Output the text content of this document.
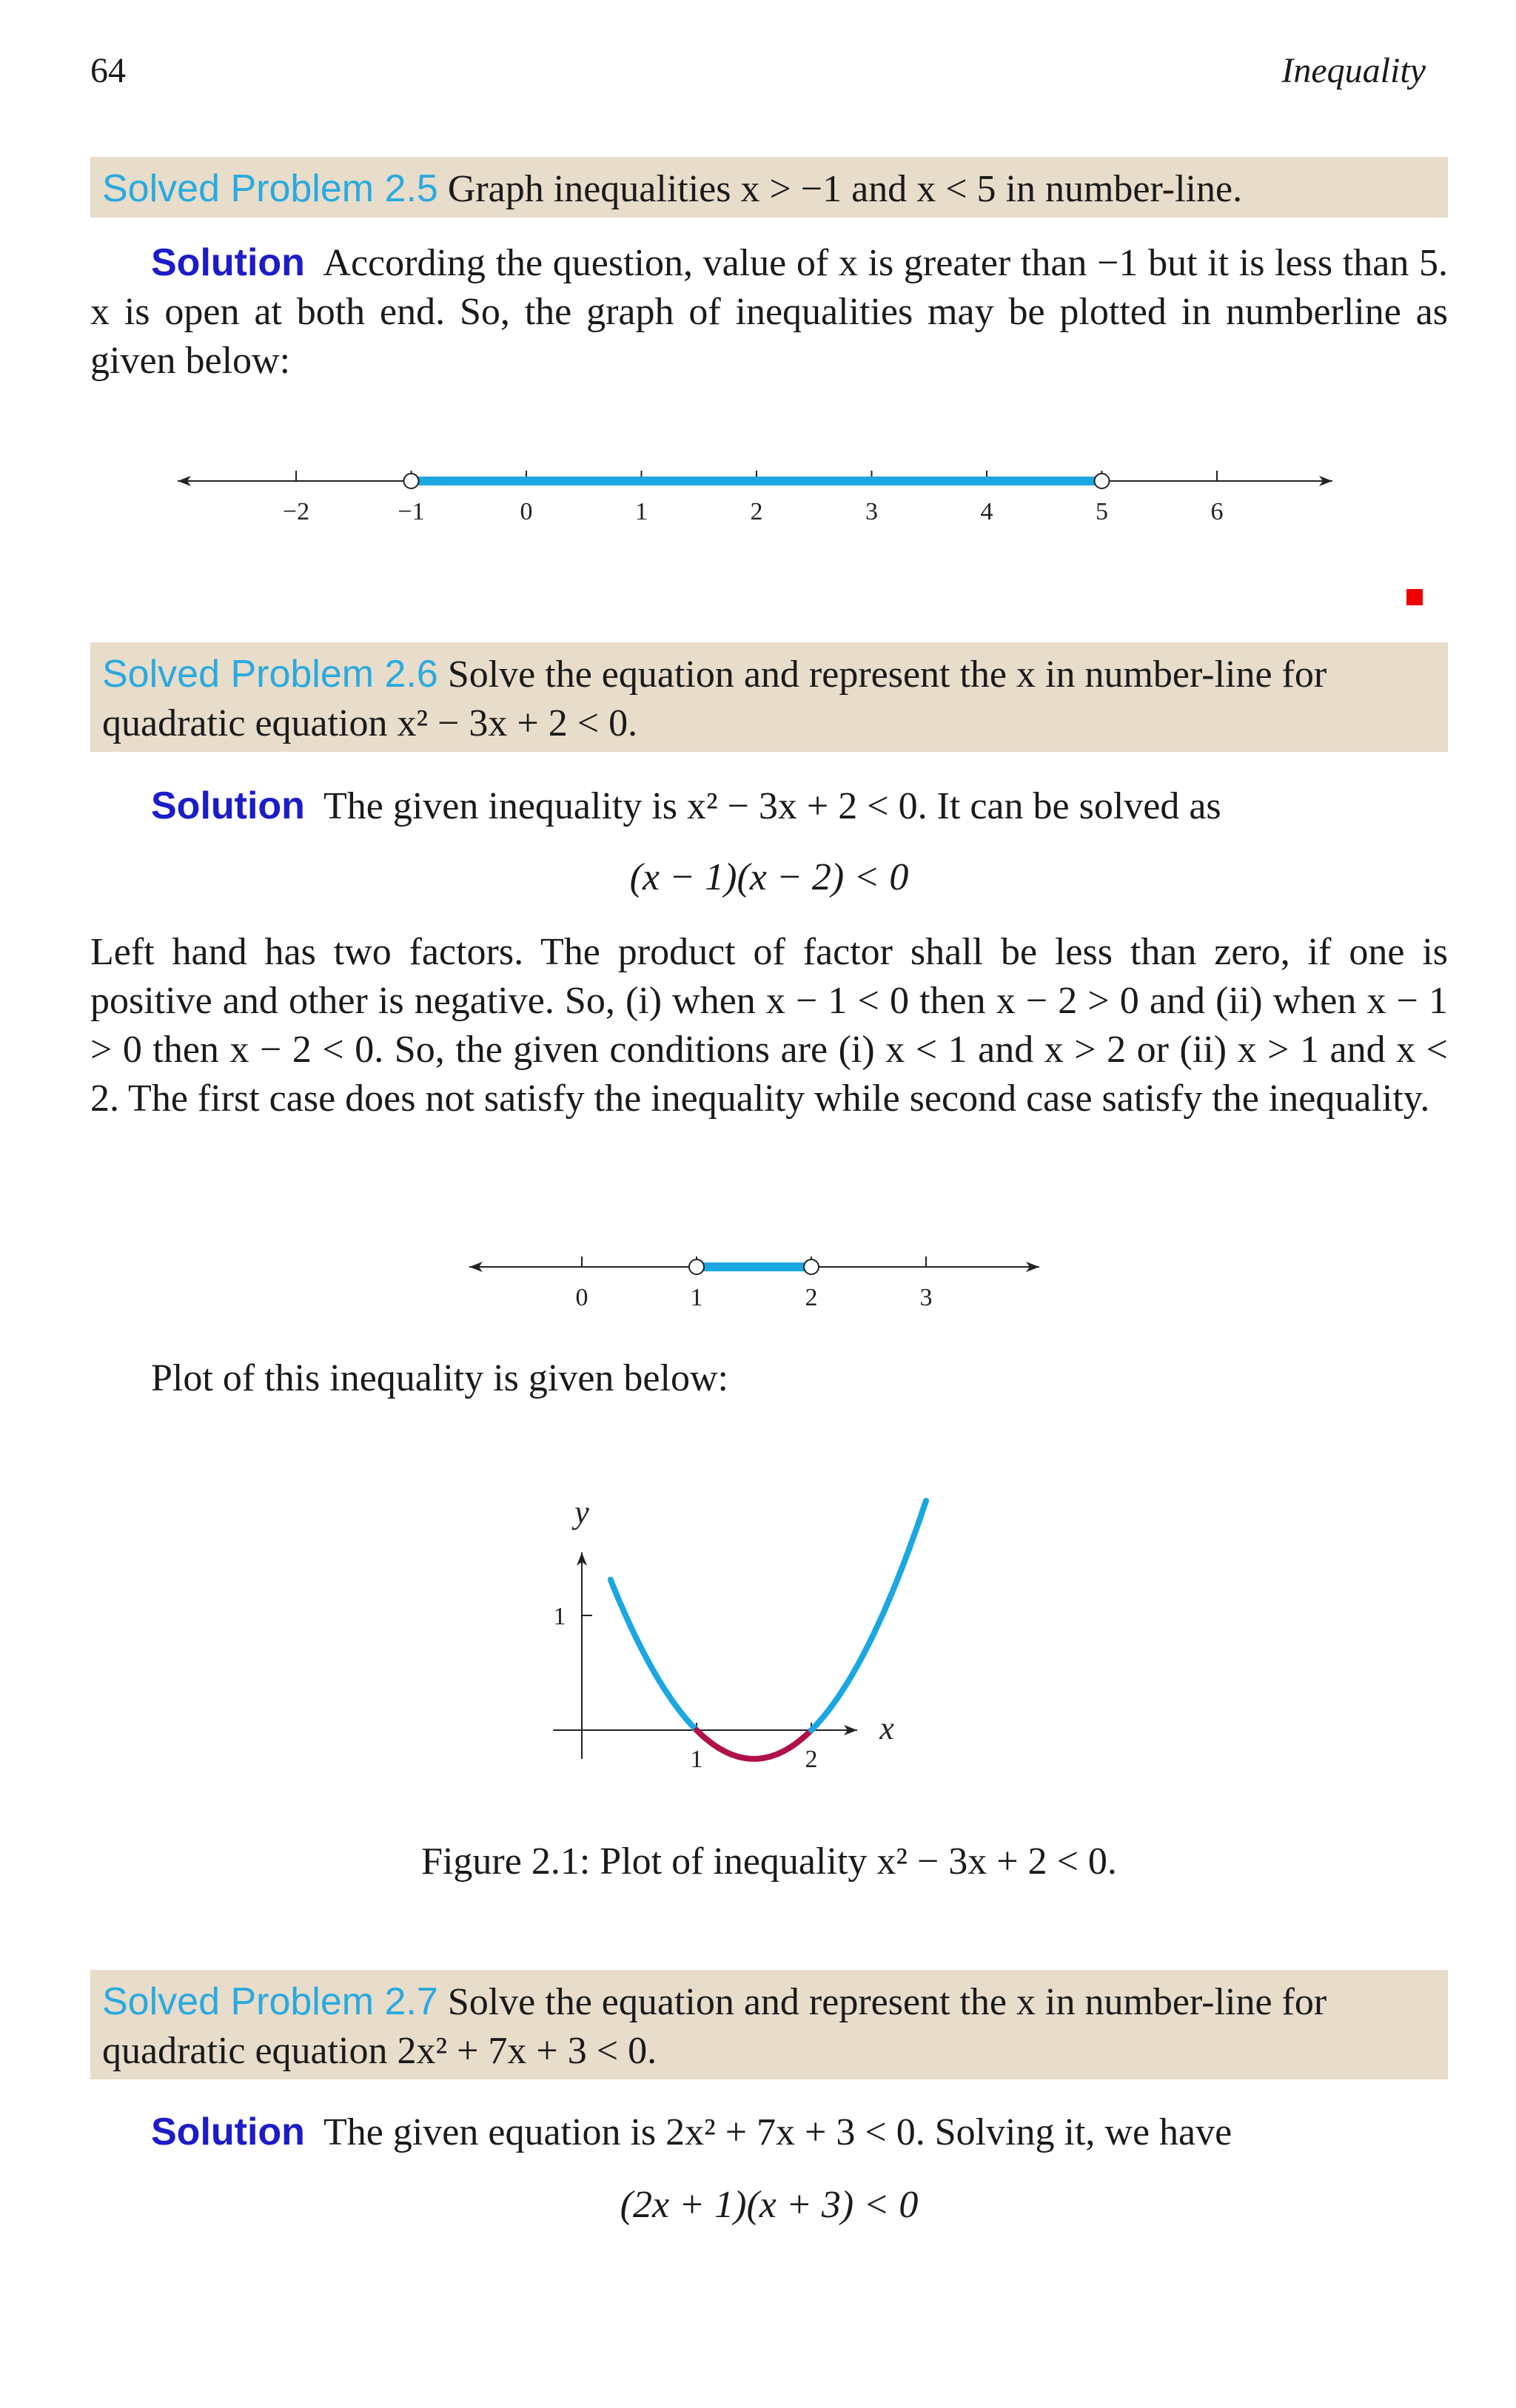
64	Inequality
Solved Problem 2.5 Graph inequalities x > −1 and x < 5 in number-line.
Solution According the question, value of x is greater than −1 but it is less than 5. x is open at both end. So, the graph of inequalities may be plotted in numberline as given below:
−2	−1	0	1	2	3	4	5	6
Solved Problem 2.6 Solve the equation and represent the x in number-line for quadratic equation x² − 3x + 2 < 0.
Solution The given inequality is x² − 3x + 2 < 0. It can be solved as
(x − 1)(x − 2) < 0
Left hand has two factors. The product of factor shall be less than zero, if one is positive and other is negative. So, (i) when x − 1 < 0 then x − 2 > 0 and (ii) when x − 1 > 0 then x − 2 < 0. So, the given conditions are (i) x < 1 and x > 2 or (ii) x > 1 and x < 2. The first case does not satisfy the inequality while second case satisfy the inequality.
0	1	2	3
Plot of this inequality is given below:
x
y
1	2
1
Figure 2.1: Plot of inequality x² − 3x + 2 < 0.
Solved Problem 2.7 Solve the equation and represent the x in number-line for quadratic equation 2x² + 7x + 3 < 0.
Solution The given equation is 2x² + 7x + 3 < 0. Solving it, we have
(2x + 1)(x + 3) < 0
